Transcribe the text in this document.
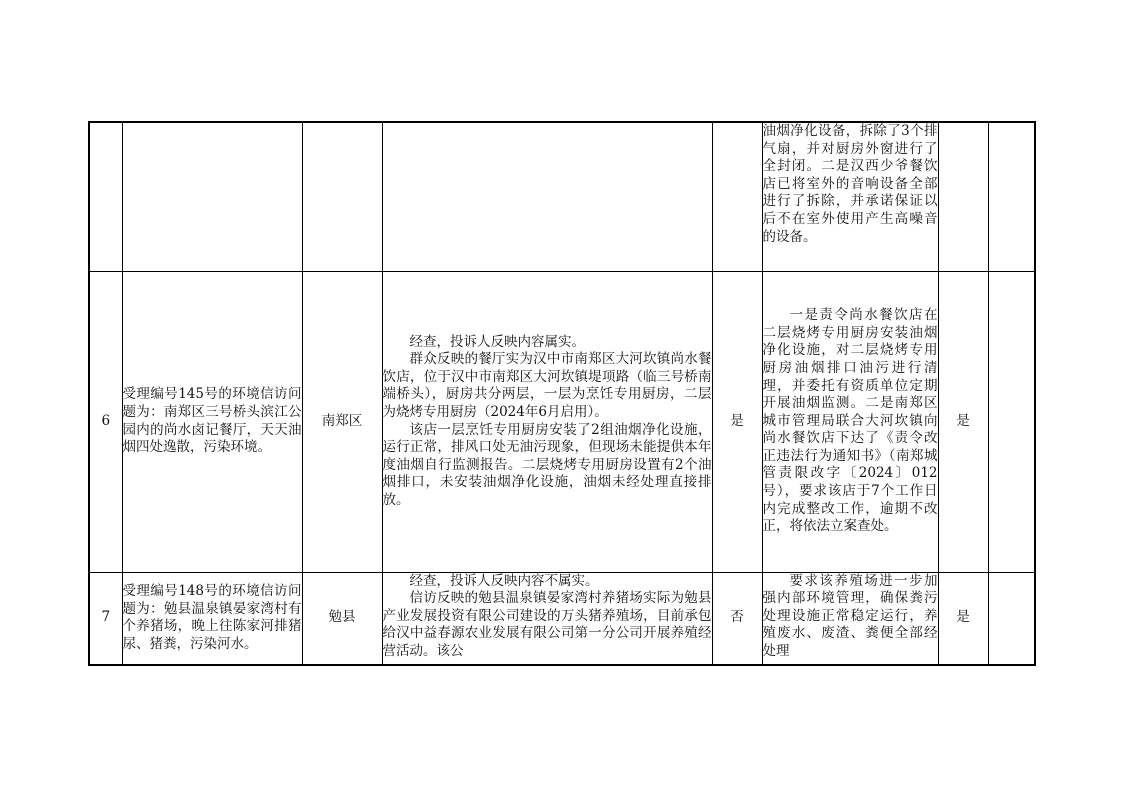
					油烟净化设备，拆除了3个排气扇，并对厨房外窗进行了全封闭。二是汉西少爷餐饮店已将室外的音响设备全部进行了拆除，并承诺保证以后不在室外使用产生高噪音的设备。		

6	受理编号145号的环境信访问题为：南郑区三号桥头滨江公园内的尚水卤记餐厅，天天油烟四处逸散，污染环境。	南郑区	经查，投诉人反映内容属实。

群众反映的餐厅实为汉中市南郑区大河坎镇尚水餐饮店，位于汉中市南郑区大河坎镇堤项路（临三号桥南端桥头），厨房共分两层，一层为烹饪专用厨房，二层为烧烤专用厨房（2024年6月启用）。

该店一层烹饪专用厨房安装了2组油烟净化设施，运行正常，排风口处无油污现象，但现场未能提供本年度油烟自行监测报告。二层烧烤专用厨房设置有2个油烟排口，未安装油烟净化设施，油烟未经处理直接排放。	是	一是责令尚水餐饮店在二层烧烤专用厨房安装油烟净化设施，对二层烧烤专用厨房油烟排口油污进行清理，并委托有资质单位定期开展油烟监测。二是南郑区城市管理局联合大河坎镇向尚水餐饮店下达了《责令改正违法行为通知书》（南郑城管责限改字〔2024〕012号），要求该店于7个工作日内完成整改工作，逾期不改正，将依法立案查处。	是	
7	受理编号148号的环境信访问题为：勉县温泉镇晏家湾村有个养猪场，晚上往陈家河排猪尿、猪粪，污染河水。	勉县	经查，投诉人反映内容不属实。

信访反映的勉县温泉镇晏家湾村养猪场实际为勉县产业发展投资有限公司建设的万头猪养殖场，目前承包给汉中益春源农业发展有限公司第一分公司开展养殖经营活动。该公	否	要求该养殖场进一步加强内部环境管理，确保粪污处理设施正常稳定运行，养殖废水、废渣、粪便全部经处理	是	
